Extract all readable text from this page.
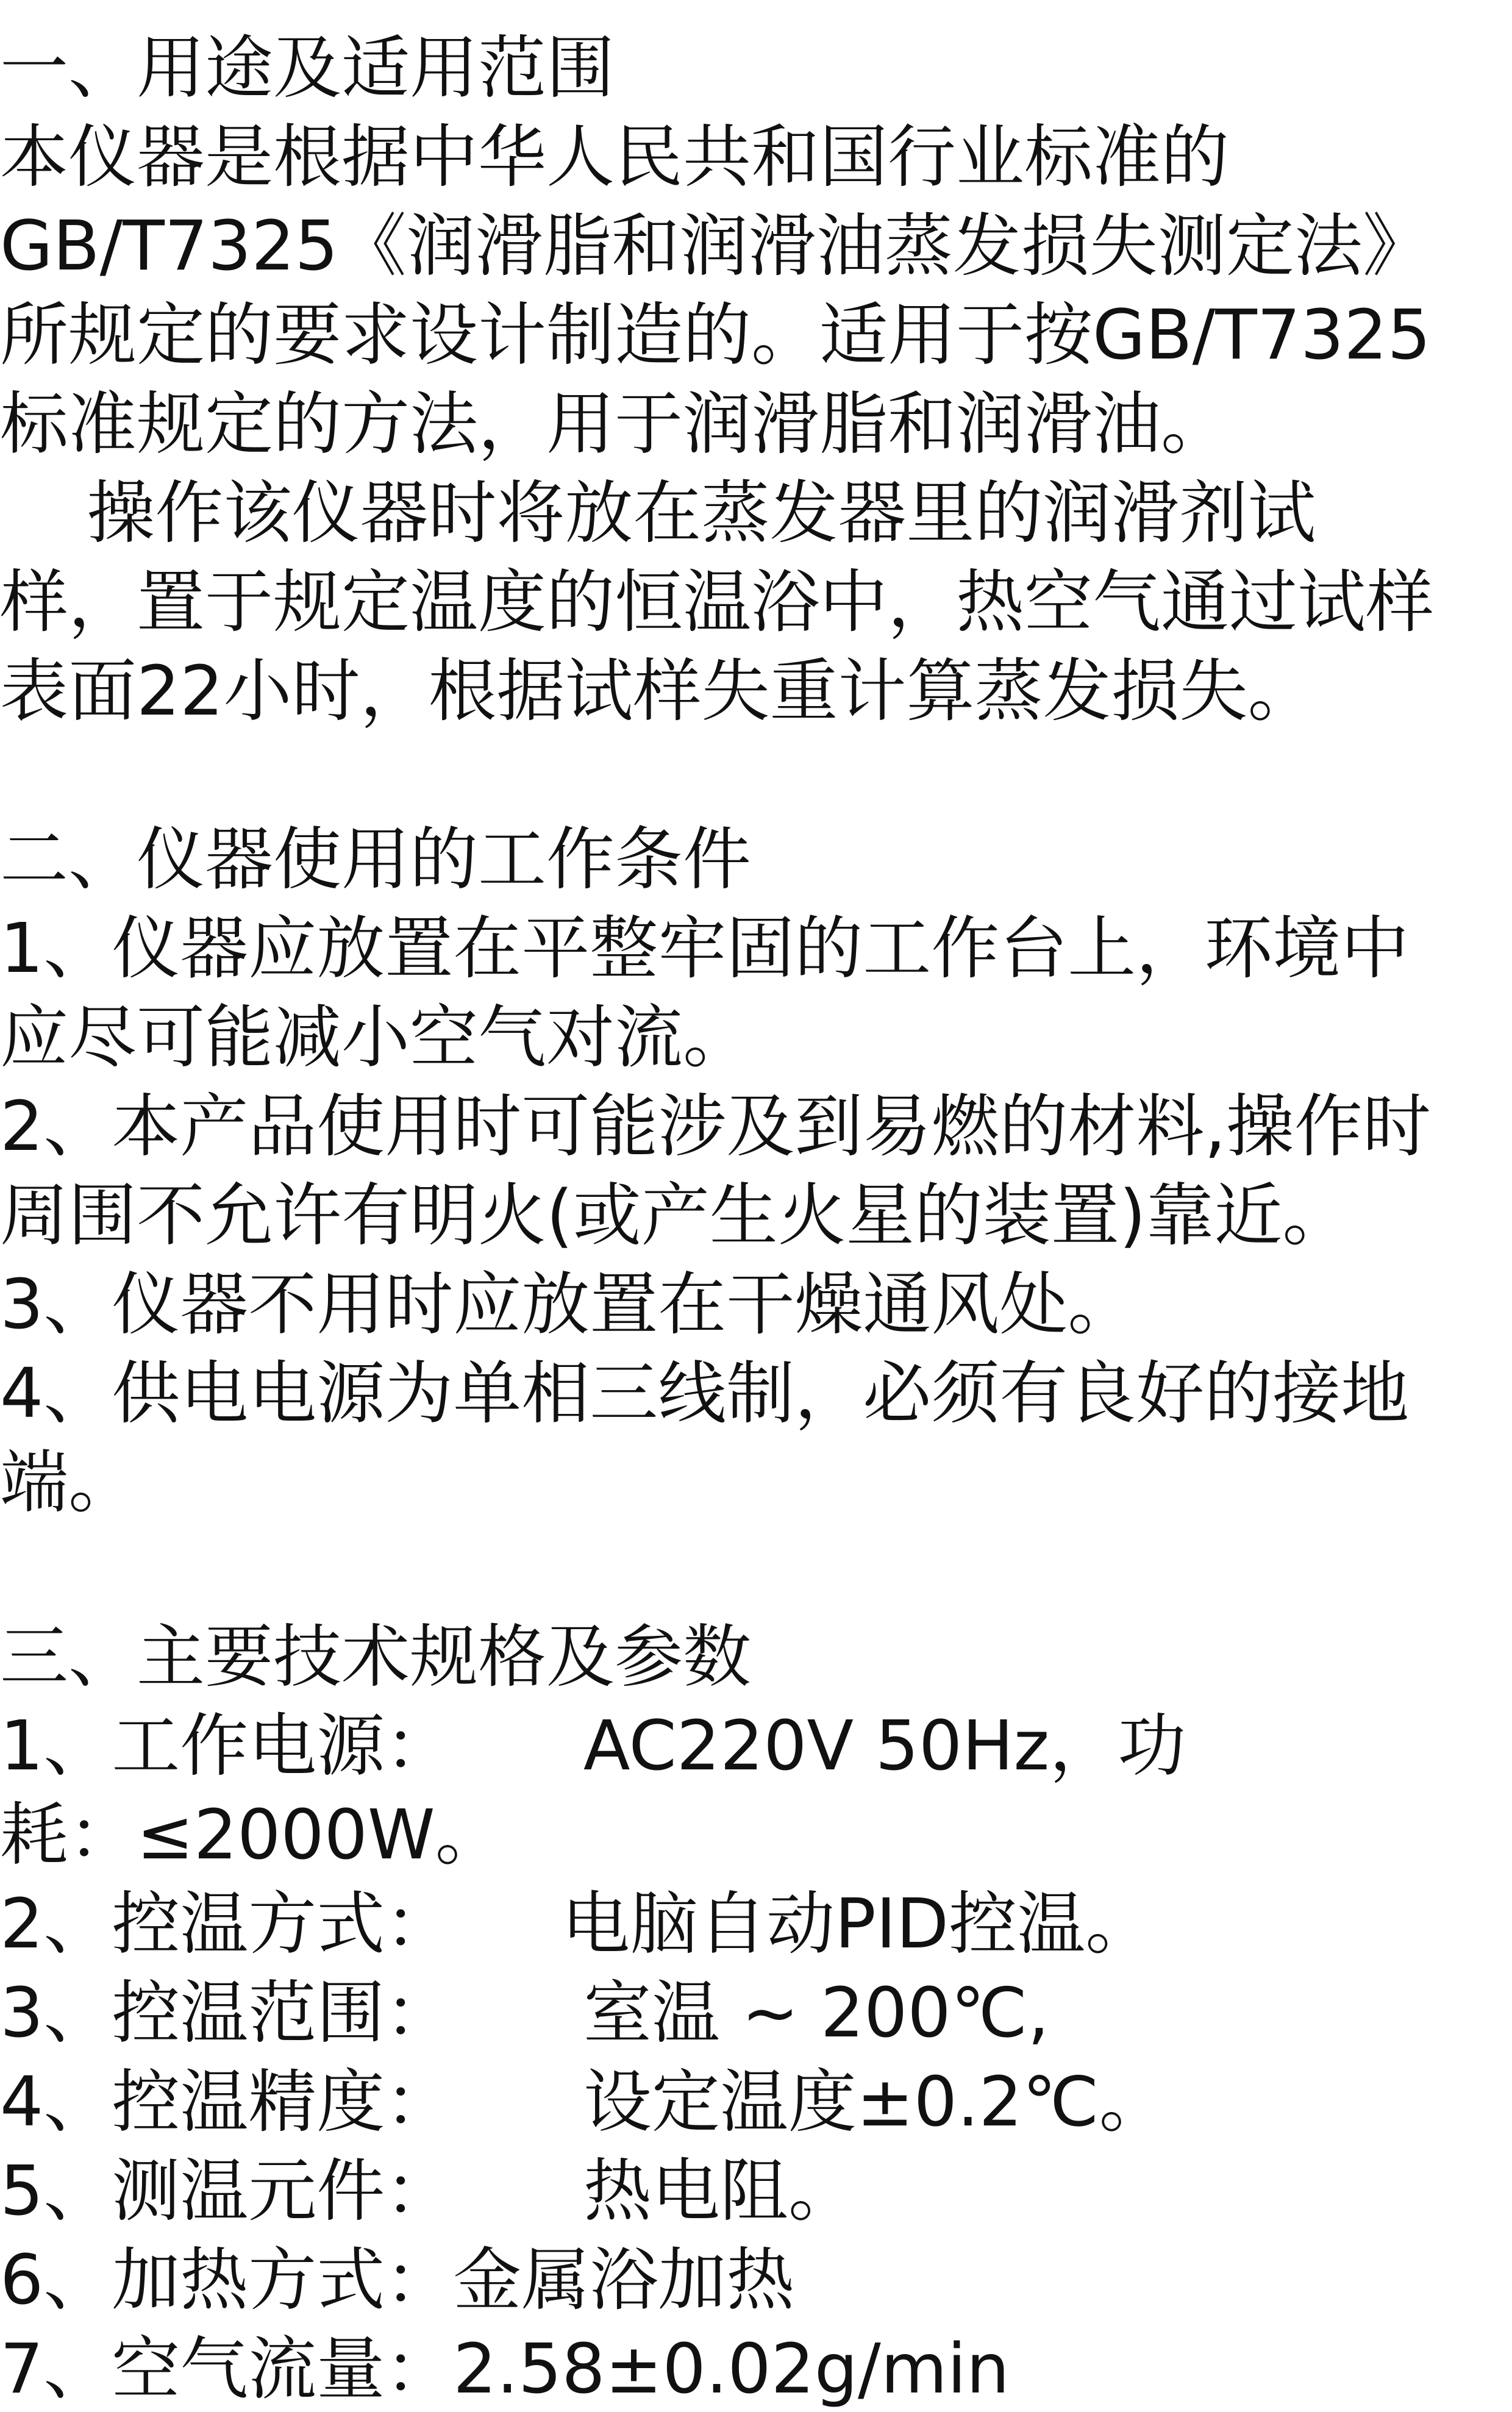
一、用途及适用范围

本仪器是根据中华人民共和国行业标准的

GB/T7325《润滑脂和润滑油蒸发损失测定法》

所规定的要求设计制造的。适用于按GB/T7325

标准规定的方法，用于润滑脂和润滑油。

操作该仪器时将放在蒸发器里的润滑剂试

样，置于规定温度的恒温浴中，热空气通过试样

表面22小时，根据试样失重计算蒸发损失。

二、仪器使用的工作条件

1、仪器应放置在平整牢固的工作台上，环境中

应尽可能减小空气对流。

2、本产品使用时可能涉及到易燃的材料,操作时

周围不允许有明火(或产生火星的装置)靠近。

3、仪器不用时应放置在干燥通风处。

4、供电电源为单相三线制，必须有良好的接地

端。

三、主要技术规格及参数

1、工作电源：      AC220V 50Hz，功

耗：≤2000W。

2、控温方式：     电脑自动PID控温。

3、控温范围：      室温 ~ 200℃,

4、控温精度：      设定温度±0.2℃。

5、测温元件：      热电阻。

6、加热方式：金属浴加热

7、空气流量：2.58±0.02g/min
